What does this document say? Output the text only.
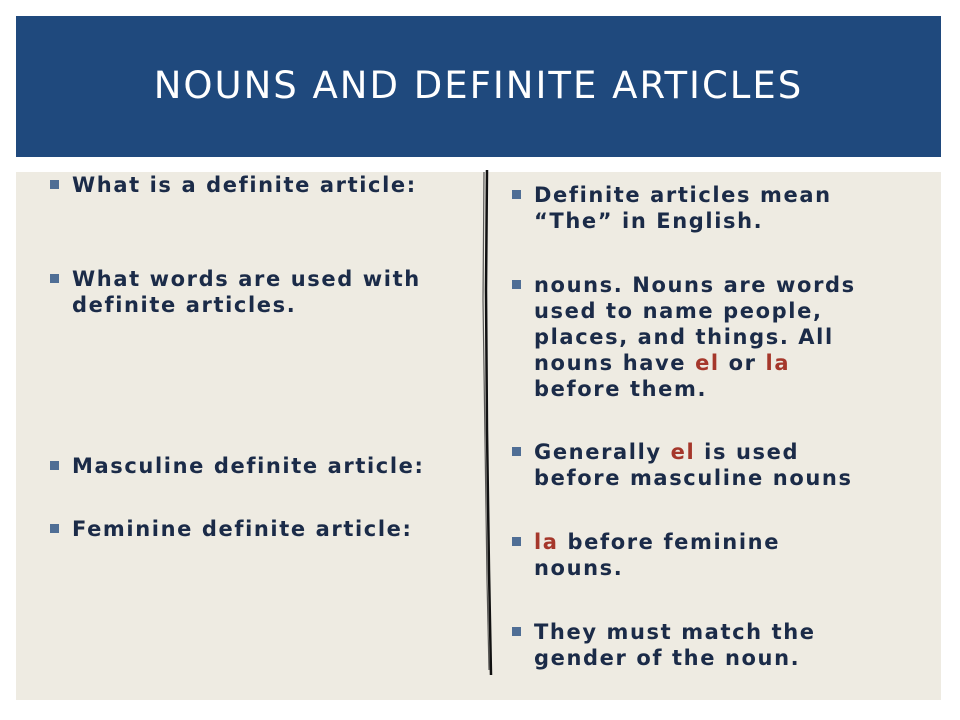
NOUNS AND DEFINITE ARTICLES
What is a definite article:
What words are used with
definite articles.
Masculine definite article:
Feminine definite article:
Definite articles mean
“The” in English.
nouns. Nouns are words
used to name people,
places, and things. All
nouns have el or la
before them.
Generally el is used
before masculine nouns
la before feminine
nouns.
They must match the
gender of the noun.
